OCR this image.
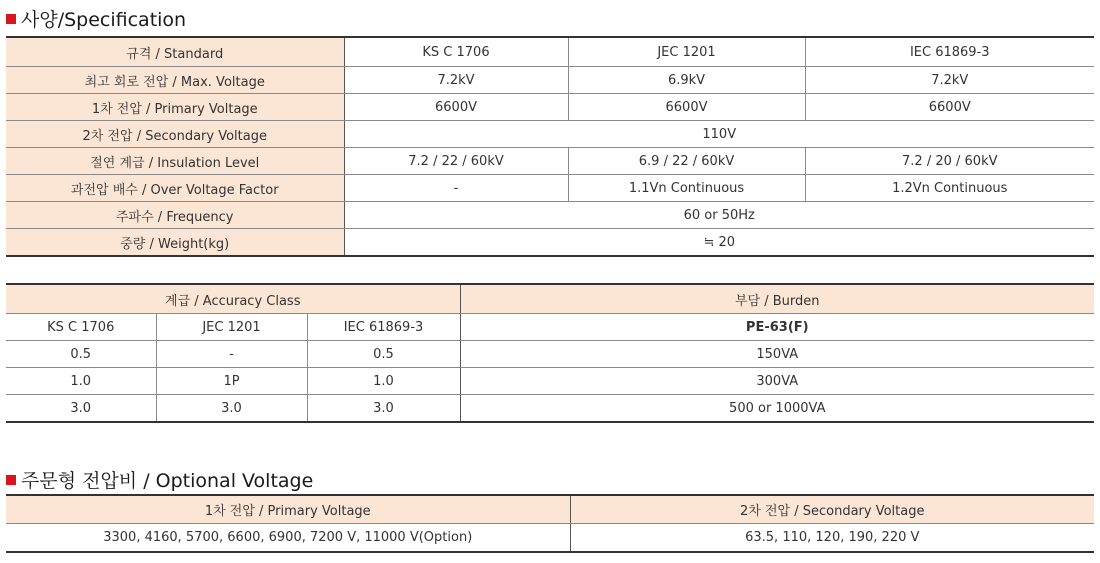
사양/Specification
규격 / Standard	KS C 1706	JEC 1201	IEC 61869-3
최고 회로 전압 / Max. Voltage	7.2kV	6.9kV	7.2kV
1차 전압 / Primary Voltage	6600V	6600V	6600V
2차 전압 / Secondary Voltage	110V		
절연 계급 / Insulation Level	7.2 / 22 / 60kV	6.9 / 22 / 60kV	7.2 / 20 / 60kV
과전압 배수 / Over Voltage Factor	-	1.1Vn Continuous	1.2Vn Continuous
주파수 / Frequency	60 or 50Hz		
중량 / Weight(kg)	≒ 20		
계급 / Accuracy Class			부담 / Burden
KS C 1706	JEC 1201	IEC 61869-3	PE-63(F)
0.5	-	0.5	150VA
1.0	1P	1.0	300VA
3.0	3.0	3.0	500 or 1000VA
주문형 전압비 / Optional Voltage
1차 전압 / Primary Voltage	2차 전압 / Secondary Voltage
3300, 4160, 5700, 6600, 6900, 7200 V, 11000 V(Option)	63.5, 110, 120, 190, 220 V
